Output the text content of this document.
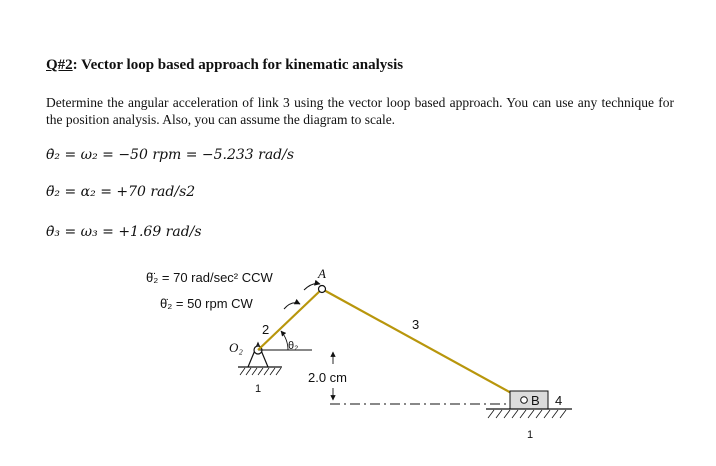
Q#2: Vector loop based approach for kinematic analysis
Determine the angular acceleration of link 3 using the vector loop based approach. You can use any technique for the position analysis. Also, you can assume the diagram to scale.
θ̇₂ = ω₂ = −50 rpm = −5.233 rad/s
θ̈₂ = α₂ = +70 rad/s2
θ̇₃ = ω₃ = +1.69 rad/s
θ̈₂ = 70 rad/sec² CCW
θ̇₂ = 50 rpm CW
A
2	3
O₂	θ₂
1
1
2.0 cm
B 4
